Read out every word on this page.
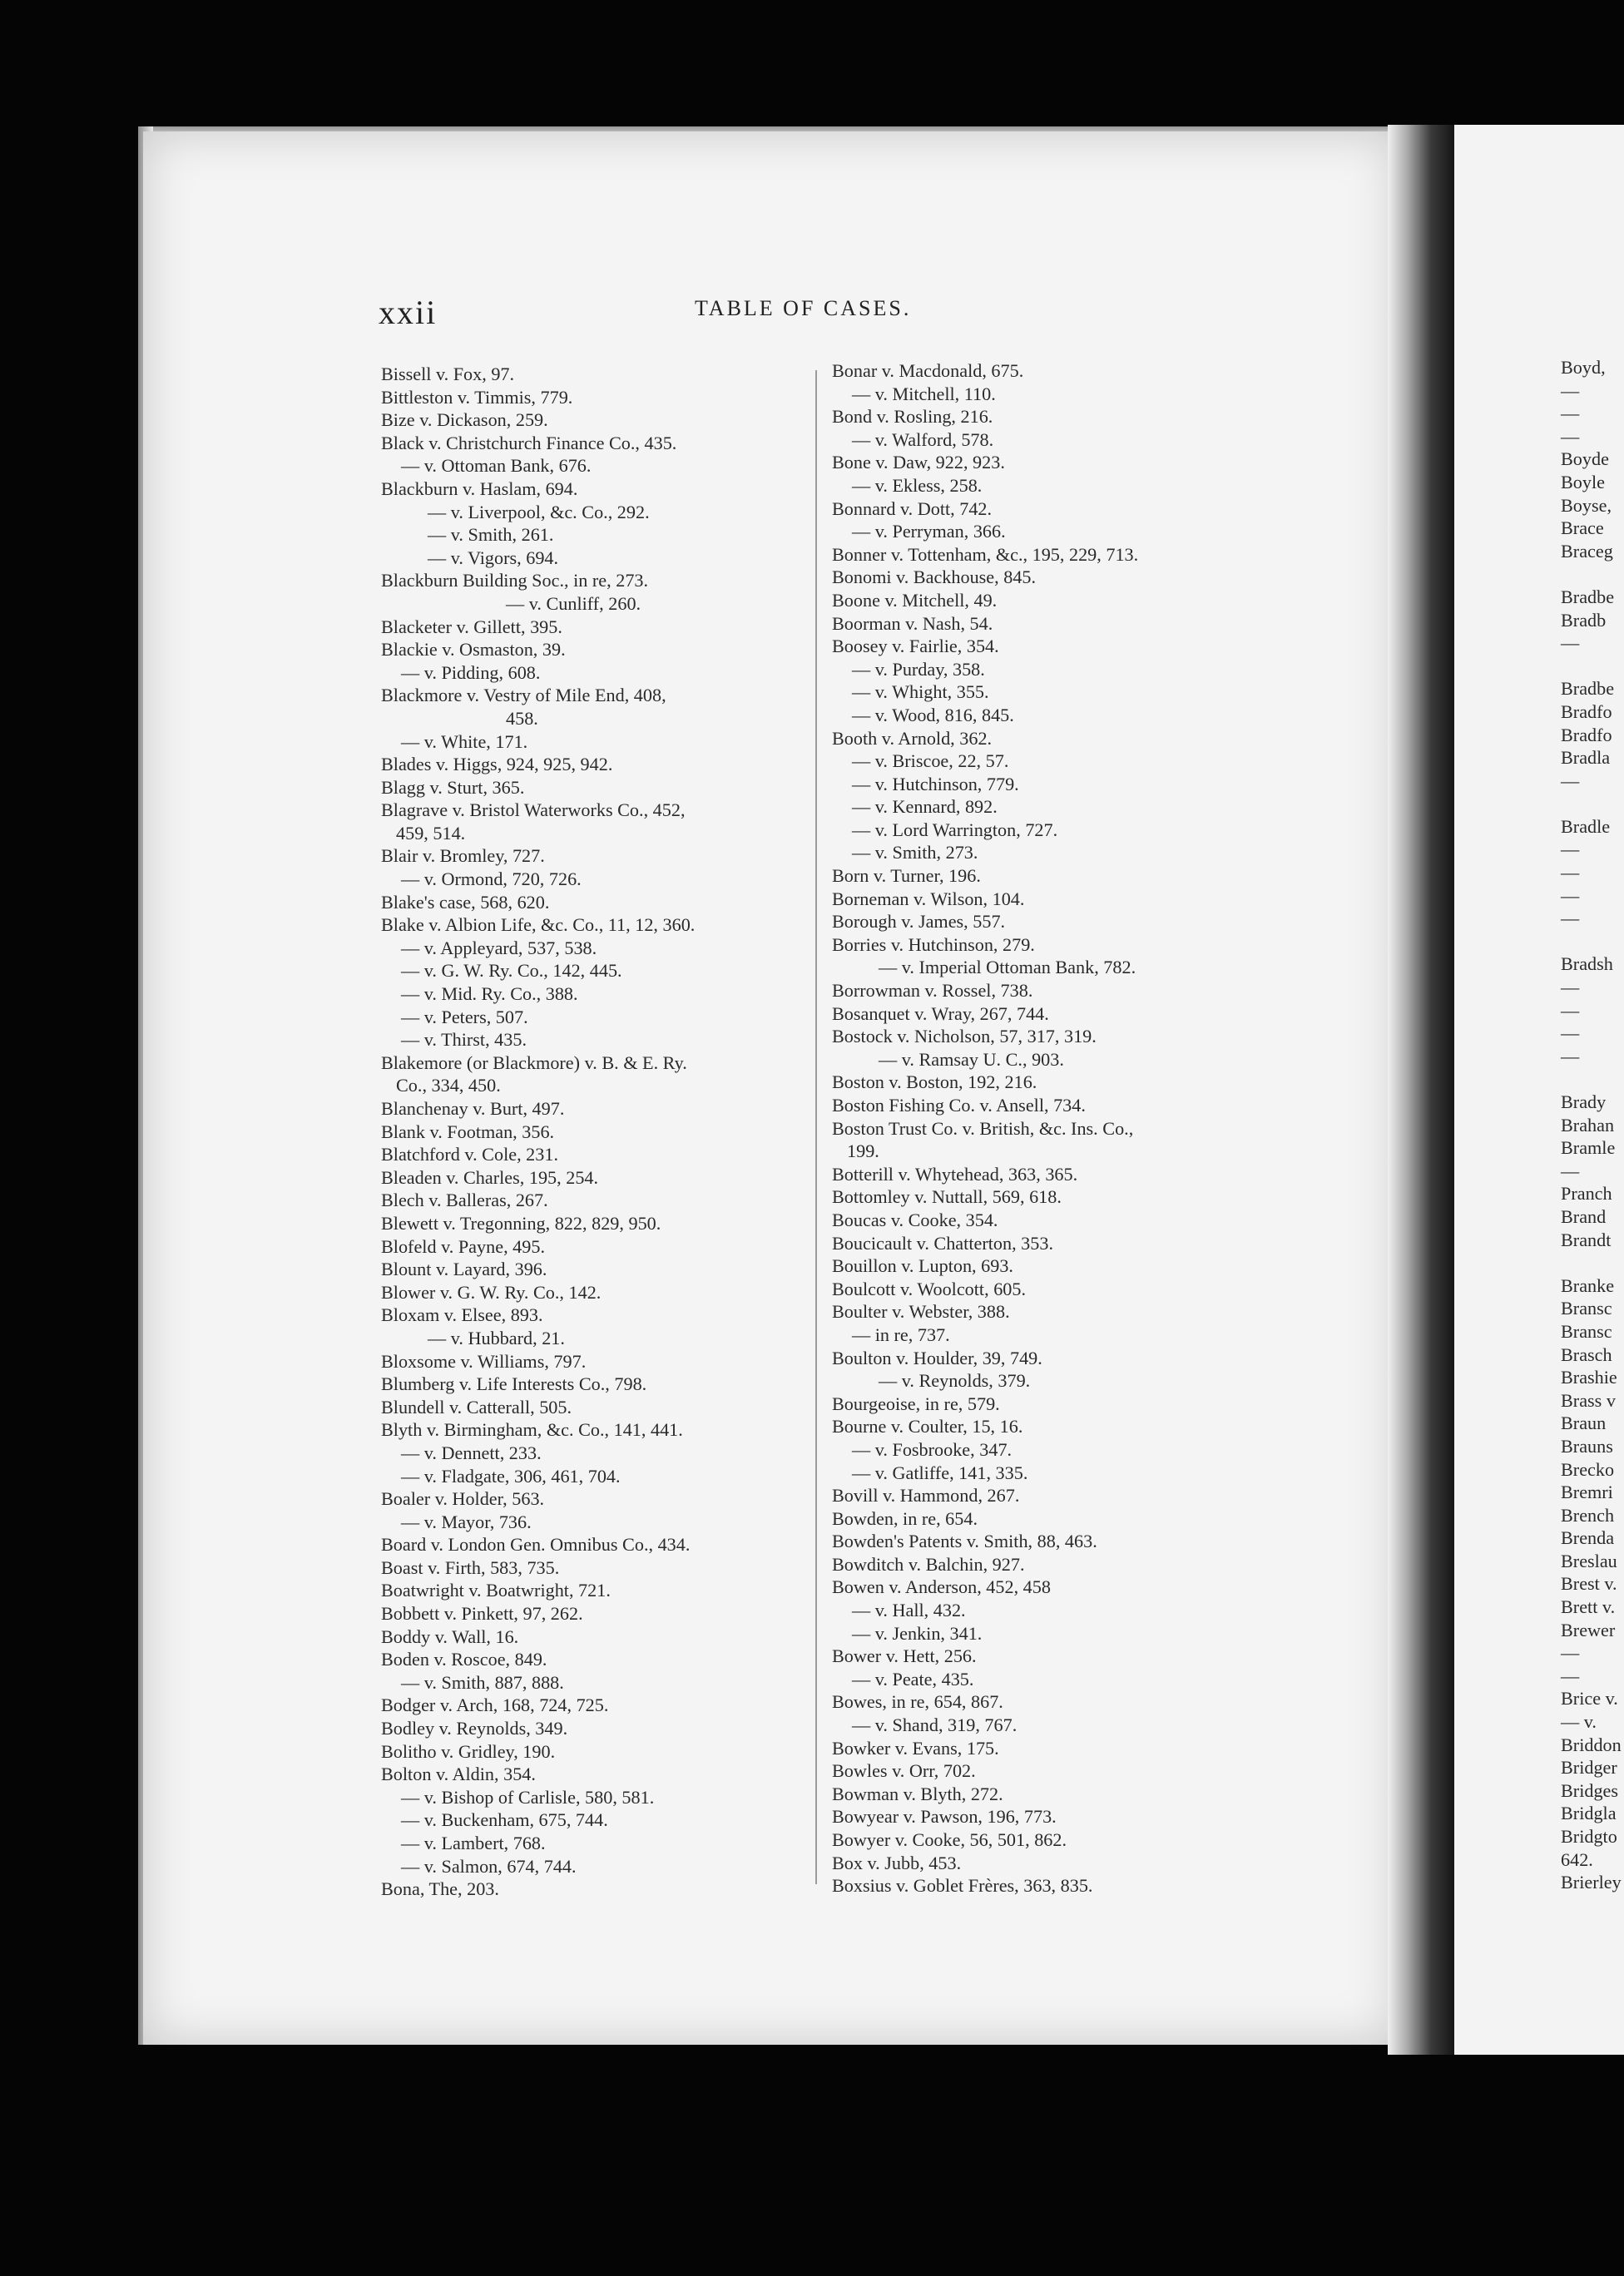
xxii	TABLE OF CASES.
Bissell v. Fox, 97.
Bittleston v. Timmis, 779.
Bize v. Dickason, 259.
Black v. Christchurch Finance Co., 435.
— v. Ottoman Bank, 676.
Blackburn v. Haslam, 694.
— v. Liverpool, &c. Co., 292.
— v. Smith, 261.
— v. Vigors, 694.
Blackburn Building Soc., in re, 273.
— v. Cunliff, 260.
Blacketer v. Gillett, 395.
Blackie v. Osmaston, 39.
— v. Pidding, 608.
Blackmore v. Vestry of Mile End, 408,
458.
— v. White, 171.
Blades v. Higgs, 924, 925, 942.
Blagg v. Sturt, 365.
Blagrave v. Bristol Waterworks Co., 452,
459, 514.
Blair v. Bromley, 727.
— v. Ormond, 720, 726.
Blake's case, 568, 620.
Blake v. Albion Life, &c. Co., 11, 12, 360.
— v. Appleyard, 537, 538.
— v. G. W. Ry. Co., 142, 445.
— v. Mid. Ry. Co., 388.
— v. Peters, 507.
— v. Thirst, 435.
Blakemore (or Blackmore) v. B. & E. Ry.
Co., 334, 450.
Blanchenay v. Burt, 497.
Blank v. Footman, 356.
Blatchford v. Cole, 231.
Bleaden v. Charles, 195, 254.
Blech v. Balleras, 267.
Blewett v. Tregonning, 822, 829, 950.
Blofeld v. Payne, 495.
Blount v. Layard, 396.
Blower v. G. W. Ry. Co., 142.
Bloxam v. Elsee, 893.
— v. Hubbard, 21.
Bloxsome v. Williams, 797.
Blumberg v. Life Interests Co., 798.
Blundell v. Catterall, 505.
Blyth v. Birmingham, &c. Co., 141, 441.
— v. Dennett, 233.
— v. Fladgate, 306, 461, 704.
Boaler v. Holder, 563.
— v. Mayor, 736.
Board v. London Gen. Omnibus Co., 434.
Boast v. Firth, 583, 735.
Boatwright v. Boatwright, 721.
Bobbett v. Pinkett, 97, 262.
Boddy v. Wall, 16.
Boden v. Roscoe, 849.
— v. Smith, 887, 888.
Bodger v. Arch, 168, 724, 725.
Bodley v. Reynolds, 349.
Bolitho v. Gridley, 190.
Bolton v. Aldin, 354.
— v. Bishop of Carlisle, 580, 581.
— v. Buckenham, 675, 744.
— v. Lambert, 768.
— v. Salmon, 674, 744.
Bona, The, 203.
Bonar v. Macdonald, 675.
— v. Mitchell, 110.
Bond v. Rosling, 216.
— v. Walford, 578.
Bone v. Daw, 922, 923.
— v. Ekless, 258.
Bonnard v. Dott, 742.
— v. Perryman, 366.
Bonner v. Tottenham, &c., 195, 229, 713.
Bonomi v. Backhouse, 845.
Boone v. Mitchell, 49.
Boorman v. Nash, 54.
Boosey v. Fairlie, 354.
— v. Purday, 358.
— v. Whight, 355.
— v. Wood, 816, 845.
Booth v. Arnold, 362.
— v. Briscoe, 22, 57.
— v. Hutchinson, 779.
— v. Kennard, 892.
— v. Lord Warrington, 727.
— v. Smith, 273.
Born v. Turner, 196.
Borneman v. Wilson, 104.
Borough v. James, 557.
Borries v. Hutchinson, 279.
— v. Imperial Ottoman Bank, 782.
Borrowman v. Rossel, 738.
Bosanquet v. Wray, 267, 744.
Bostock v. Nicholson, 57, 317, 319.
— v. Ramsay U. C., 903.
Boston v. Boston, 192, 216.
Boston Fishing Co. v. Ansell, 734.
Boston Trust Co. v. British, &c. Ins. Co.,
199.
Botterill v. Whytehead, 363, 365.
Bottomley v. Nuttall, 569, 618.
Boucas v. Cooke, 354.
Boucicault v. Chatterton, 353.
Bouillon v. Lupton, 693.
Boulcott v. Woolcott, 605.
Boulter v. Webster, 388.
— in re, 737.
Boulton v. Houlder, 39, 749.
— v. Reynolds, 379.
Bourgeoise, in re, 579.
Bourne v. Coulter, 15, 16.
— v. Fosbrooke, 347.
— v. Gatliffe, 141, 335.
Bovill v. Hammond, 267.
Bowden, in re, 654.
Bowden's Patents v. Smith, 88, 463.
Bowditch v. Balchin, 927.
Bowen v. Anderson, 452, 458
— v. Hall, 432.
— v. Jenkin, 341.
Bower v. Hett, 256.
— v. Peate, 435.
Bowes, in re, 654, 867.
— v. Shand, 319, 767.
Bowker v. Evans, 175.
Bowles v. Orr, 702.
Bowman v. Blyth, 272.
Bowyear v. Pawson, 196, 773.
Bowyer v. Cooke, 56, 501, 862.
Box v. Jubb, 453.
Boxsius v. Goblet Frères, 363, 835.
Boyd,
—
—
—
Boyde
Boyle
Boyse,
Brace
Braceg

Bradbe
Bradb
—

Bradbe
Bradfo
Bradfo
Bradla
—

Bradle
—
—
—
—

Bradsh
—
—
—
—

Brady
Brahan
Bramle
—
Pranch
Brand
Brandt

Branke
Bransc
Bransc
Brasch
Brashie
Brass v
Braun
Brauns
Brecko
Bremri
Brench
Brenda
Breslau
Brest v.
Brett v.
Brewer
—
—
Brice v.
— v.
Briddon
Bridger
Bridges
Bridgla
Bridgto
642.
Brierley
